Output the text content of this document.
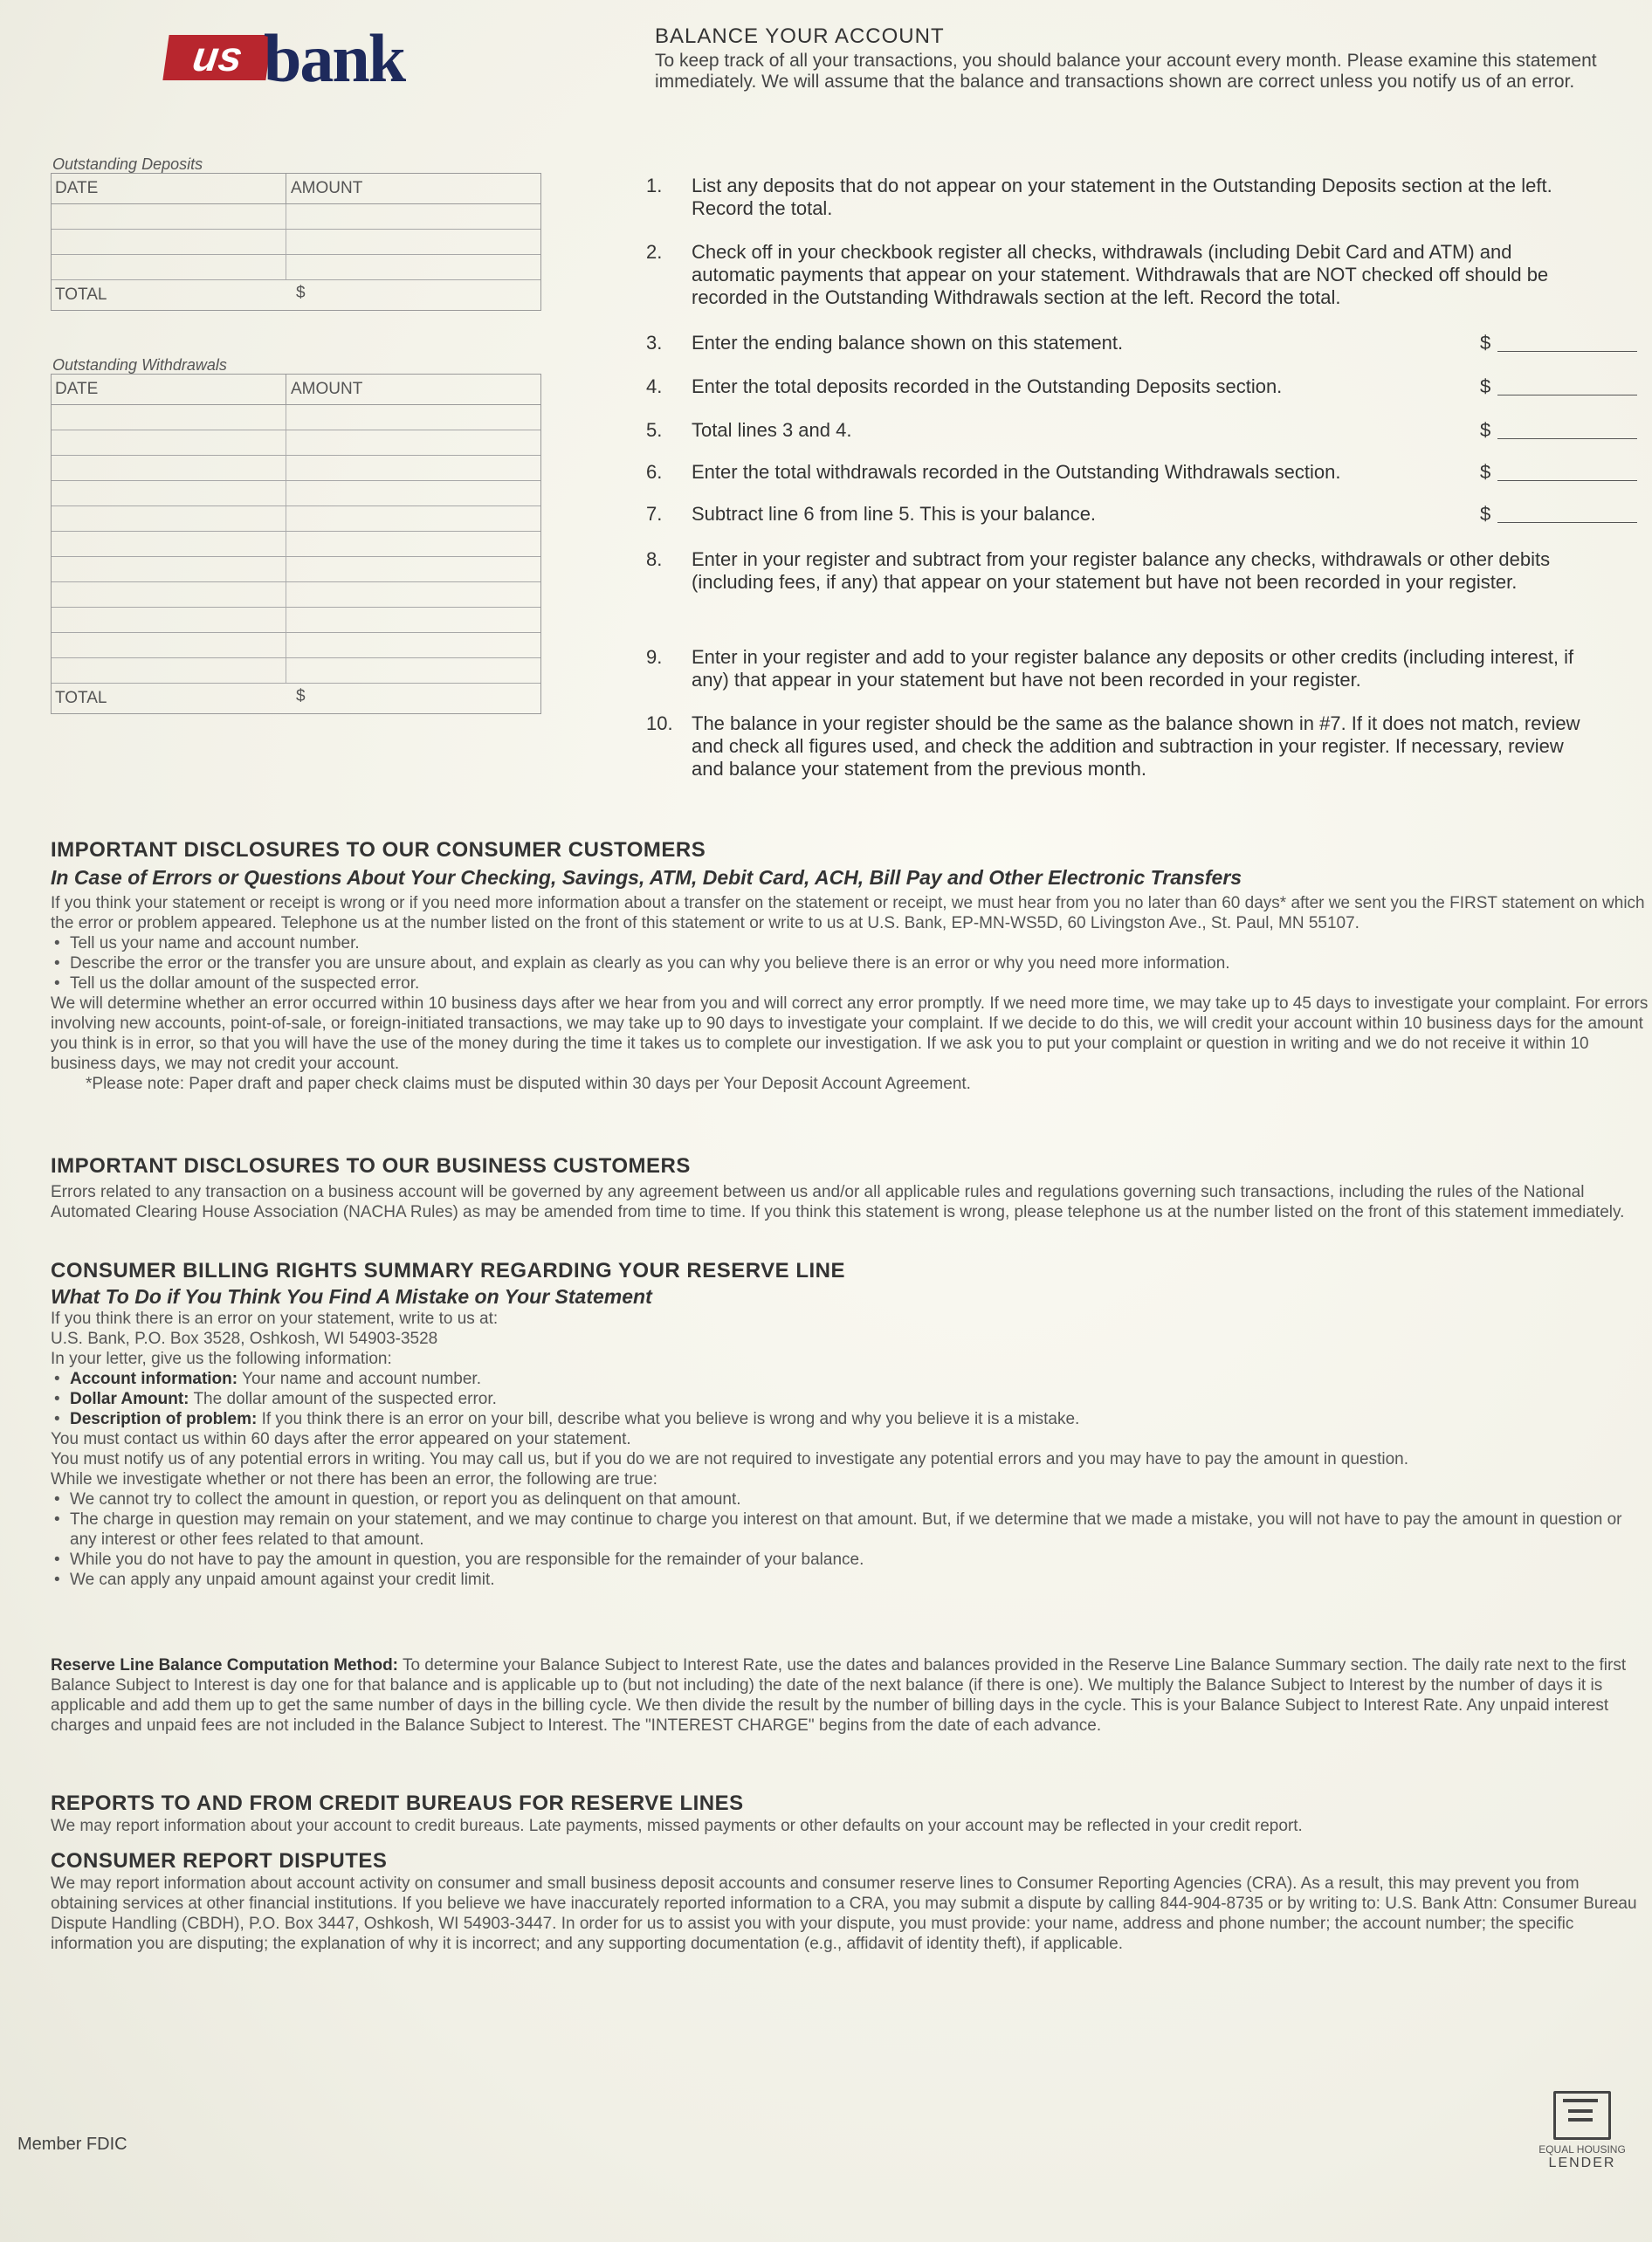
us bank
Outstanding Deposits
DATE	AMOUNT
TOTAL	$
Outstanding Withdrawals
DATE	AMOUNT
TOTAL	$
BALANCE YOUR ACCOUNT
To keep track of all your transactions, you should balance your account every month. Please examine this statement immediately. We will assume that the balance and transactions shown are correct unless you notify us of an error.
1.	List any deposits that do not appear on your statement in the Outstanding Deposits section at the left. Record the total.
2.	Check off in your checkbook register all checks, withdrawals (including Debit Card and ATM) and automatic payments that appear on your statement. Withdrawals that are NOT checked off should be recorded in the Outstanding Withdrawals section at the left. Record the total.
3.	Enter the ending balance shown on this statement.	$
4.	Enter the total deposits recorded in the Outstanding Deposits section.	$
5.	Total lines 3 and 4.	$
6.	Enter the total withdrawals recorded in the Outstanding Withdrawals section.	$
7.	Subtract line 6 from line 5. This is your balance.	$
8.	Enter in your register and subtract from your register balance any checks, withdrawals or other debits (including fees, if any) that appear on your statement but have not been recorded in your register.
9.	Enter in your register and add to your register balance any deposits or other credits (including interest, if any) that appear in your statement but have not been recorded in your register.
10. The balance in your register should be the same as the balance shown in #7. If it does not match, review and check all figures used, and check the addition and subtraction in your register. If necessary, review and balance your statement from the previous month.
IMPORTANT DISCLOSURES TO OUR CONSUMER CUSTOMERS
In Case of Errors or Questions About Your Checking, Savings, ATM, Debit Card, ACH, Bill Pay and Other Electronic Transfers
If you think your statement or receipt is wrong or if you need more information about a transfer on the statement or receipt, we must hear from you no later than 60 days* after we sent you the FIRST statement on which the error or problem appeared. Telephone us at the number listed on the front of this statement or write to us at U.S. Bank, EP-MN-WS5D, 60 Livingston Ave., St. Paul, MN 55107.
• Tell us your name and account number.
• Describe the error or the transfer you are unsure about, and explain as clearly as you can why you believe there is an error or why you need more information.
• Tell us the dollar amount of the suspected error.
We will determine whether an error occurred within 10 business days after we hear from you and will correct any error promptly. If we need more time, we may take up to 45 days to investigate your complaint. For errors involving new accounts, point-of-sale, or foreign-initiated transactions, we may take up to 90 days to investigate your complaint. If we decide to do this, we will credit your account within 10 business days for the amount you think is in error, so that you will have the use of the money during the time it takes us to complete our investigation. If we ask you to put your complaint or question in writing and we do not receive it within 10 business days, we may not credit your account.
*Please note: Paper draft and paper check claims must be disputed within 30 days per Your Deposit Account Agreement.
IMPORTANT DISCLOSURES TO OUR BUSINESS CUSTOMERS
Errors related to any transaction on a business account will be governed by any agreement between us and/or all applicable rules and regulations governing such transactions, including the rules of the National Automated Clearing House Association (NACHA Rules) as may be amended from time to time. If you think this statement is wrong, please telephone us at the number listed on the front of this statement immediately.
CONSUMER BILLING RIGHTS SUMMARY REGARDING YOUR RESERVE LINE
What To Do if You Think You Find A Mistake on Your Statement
If you think there is an error on your statement, write to us at:
U.S. Bank, P.O. Box 3528, Oshkosh, WI 54903-3528
In your letter, give us the following information:
• Account information: Your name and account number.
• Dollar Amount: The dollar amount of the suspected error.
• Description of problem: If you think there is an error on your bill, describe what you believe is wrong and why you believe it is a mistake.
You must contact us within 60 days after the error appeared on your statement.
You must notify us of any potential errors in writing. You may call us, but if you do we are not required to investigate any potential errors and you may have to pay the amount in question.
While we investigate whether or not there has been an error, the following are true:
• We cannot try to collect the amount in question, or report you as delinquent on that amount.
• The charge in question may remain on your statement, and we may continue to charge you interest on that amount. But, if we determine that we made a mistake, you will not have to pay the amount in question or any interest or other fees related to that amount.
• While you do not have to pay the amount in question, you are responsible for the remainder of your balance.
• We can apply any unpaid amount against your credit limit.
Reserve Line Balance Computation Method: To determine your Balance Subject to Interest Rate, use the dates and balances provided in the Reserve Line Balance Summary section. The daily rate next to the first Balance Subject to Interest is day one for that balance and is applicable up to (but not including) the date of the next balance (if there is one). We multiply the Balance Subject to Interest by the number of days it is applicable and add them up to get the same number of days in the billing cycle. We then divide the result by the number of billing days in the cycle. This is your Balance Subject to Interest Rate. Any unpaid interest charges and unpaid fees are not included in the Balance Subject to Interest. The "INTEREST CHARGE" begins from the date of each advance.
REPORTS TO AND FROM CREDIT BUREAUS FOR RESERVE LINES
We may report information about your account to credit bureaus. Late payments, missed payments or other defaults on your account may be reflected in your credit report.
CONSUMER REPORT DISPUTES
We may report information about account activity on consumer and small business deposit accounts and consumer reserve lines to Consumer Reporting Agencies (CRA). As a result, this may prevent you from obtaining services at other financial institutions. If you believe we have inaccurately reported information to a CRA, you may submit a dispute by calling 844-904-8735 or by writing to: U.S. Bank Attn: Consumer Bureau Dispute Handling (CBDH), P.O. Box 3447, Oshkosh, WI 54903-3447. In order for us to assist you with your dispute, you must provide: your name, address and phone number; the account number; the specific information you are disputing; the explanation of why it is incorrect; and any supporting documentation (e.g., affidavit of identity theft), if applicable.
Member FDIC	EQUAL HOUSING
LENDER
